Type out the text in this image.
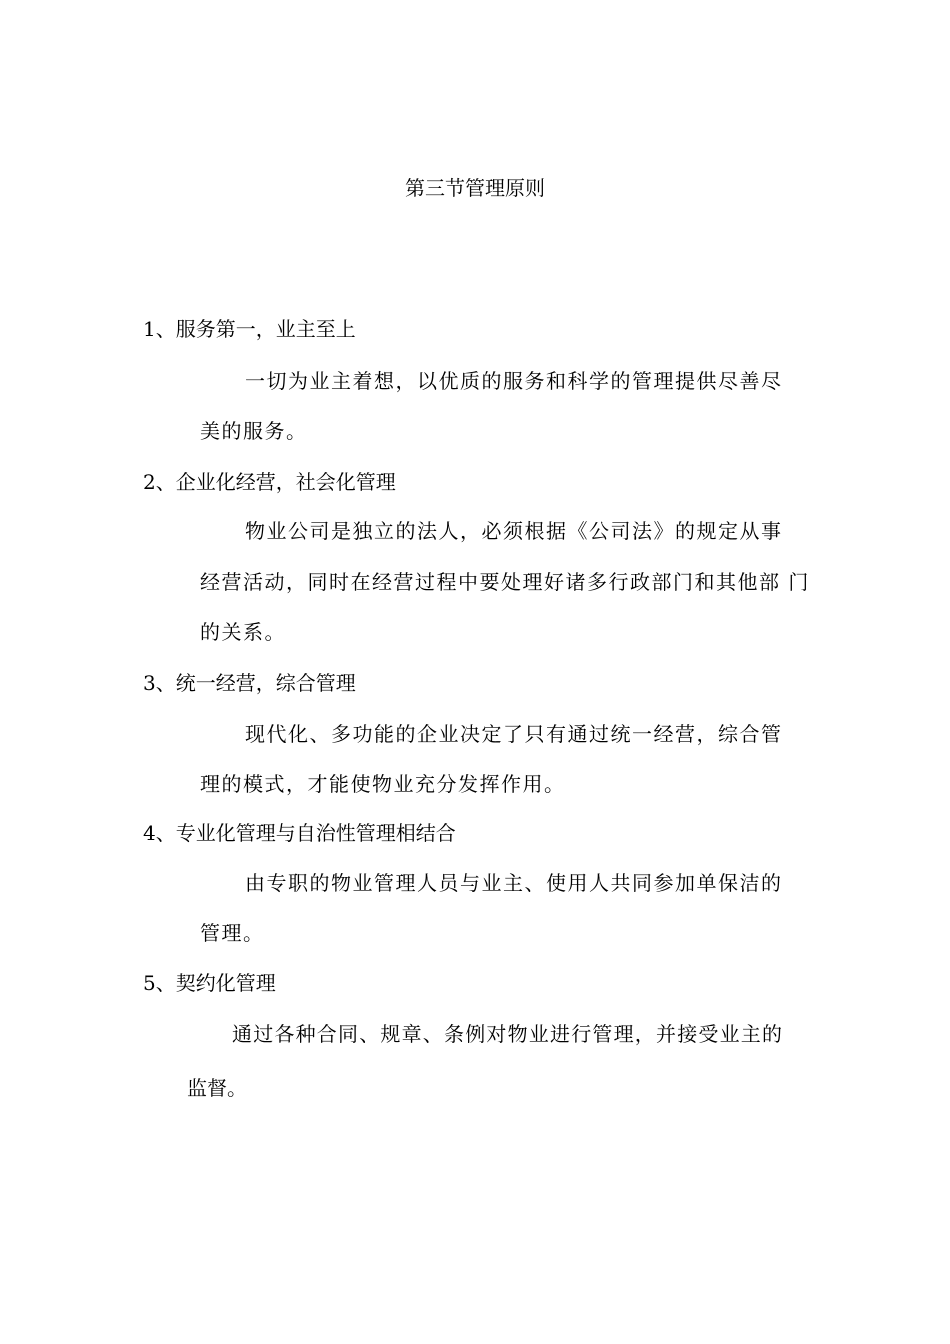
第三节管理原则
1、服务第一，业主至上
一切为业主着想，以优质的服务和科学的管理提供尽善尽
美的服务。
2、企业化经营，社会化管理
物业公司是独立的法人，必须根据《公司法》的规定从事
经营活动，同时在经营过程中要处理好诸多行政部门和其他部 门
的关系。
3、统一经营，综合管理
现代化、多功能的企业决定了只有通过统一经营，综合管
理的模式，才能使物业充分发挥作用。
4、专业化管理与自治性管理相结合
由专职的物业管理人员与业主、使用人共同参加单保洁的
管理。
5、契约化管理
通过各种合同、规章、条例对物业进行管理，并接受业主的
监督。
